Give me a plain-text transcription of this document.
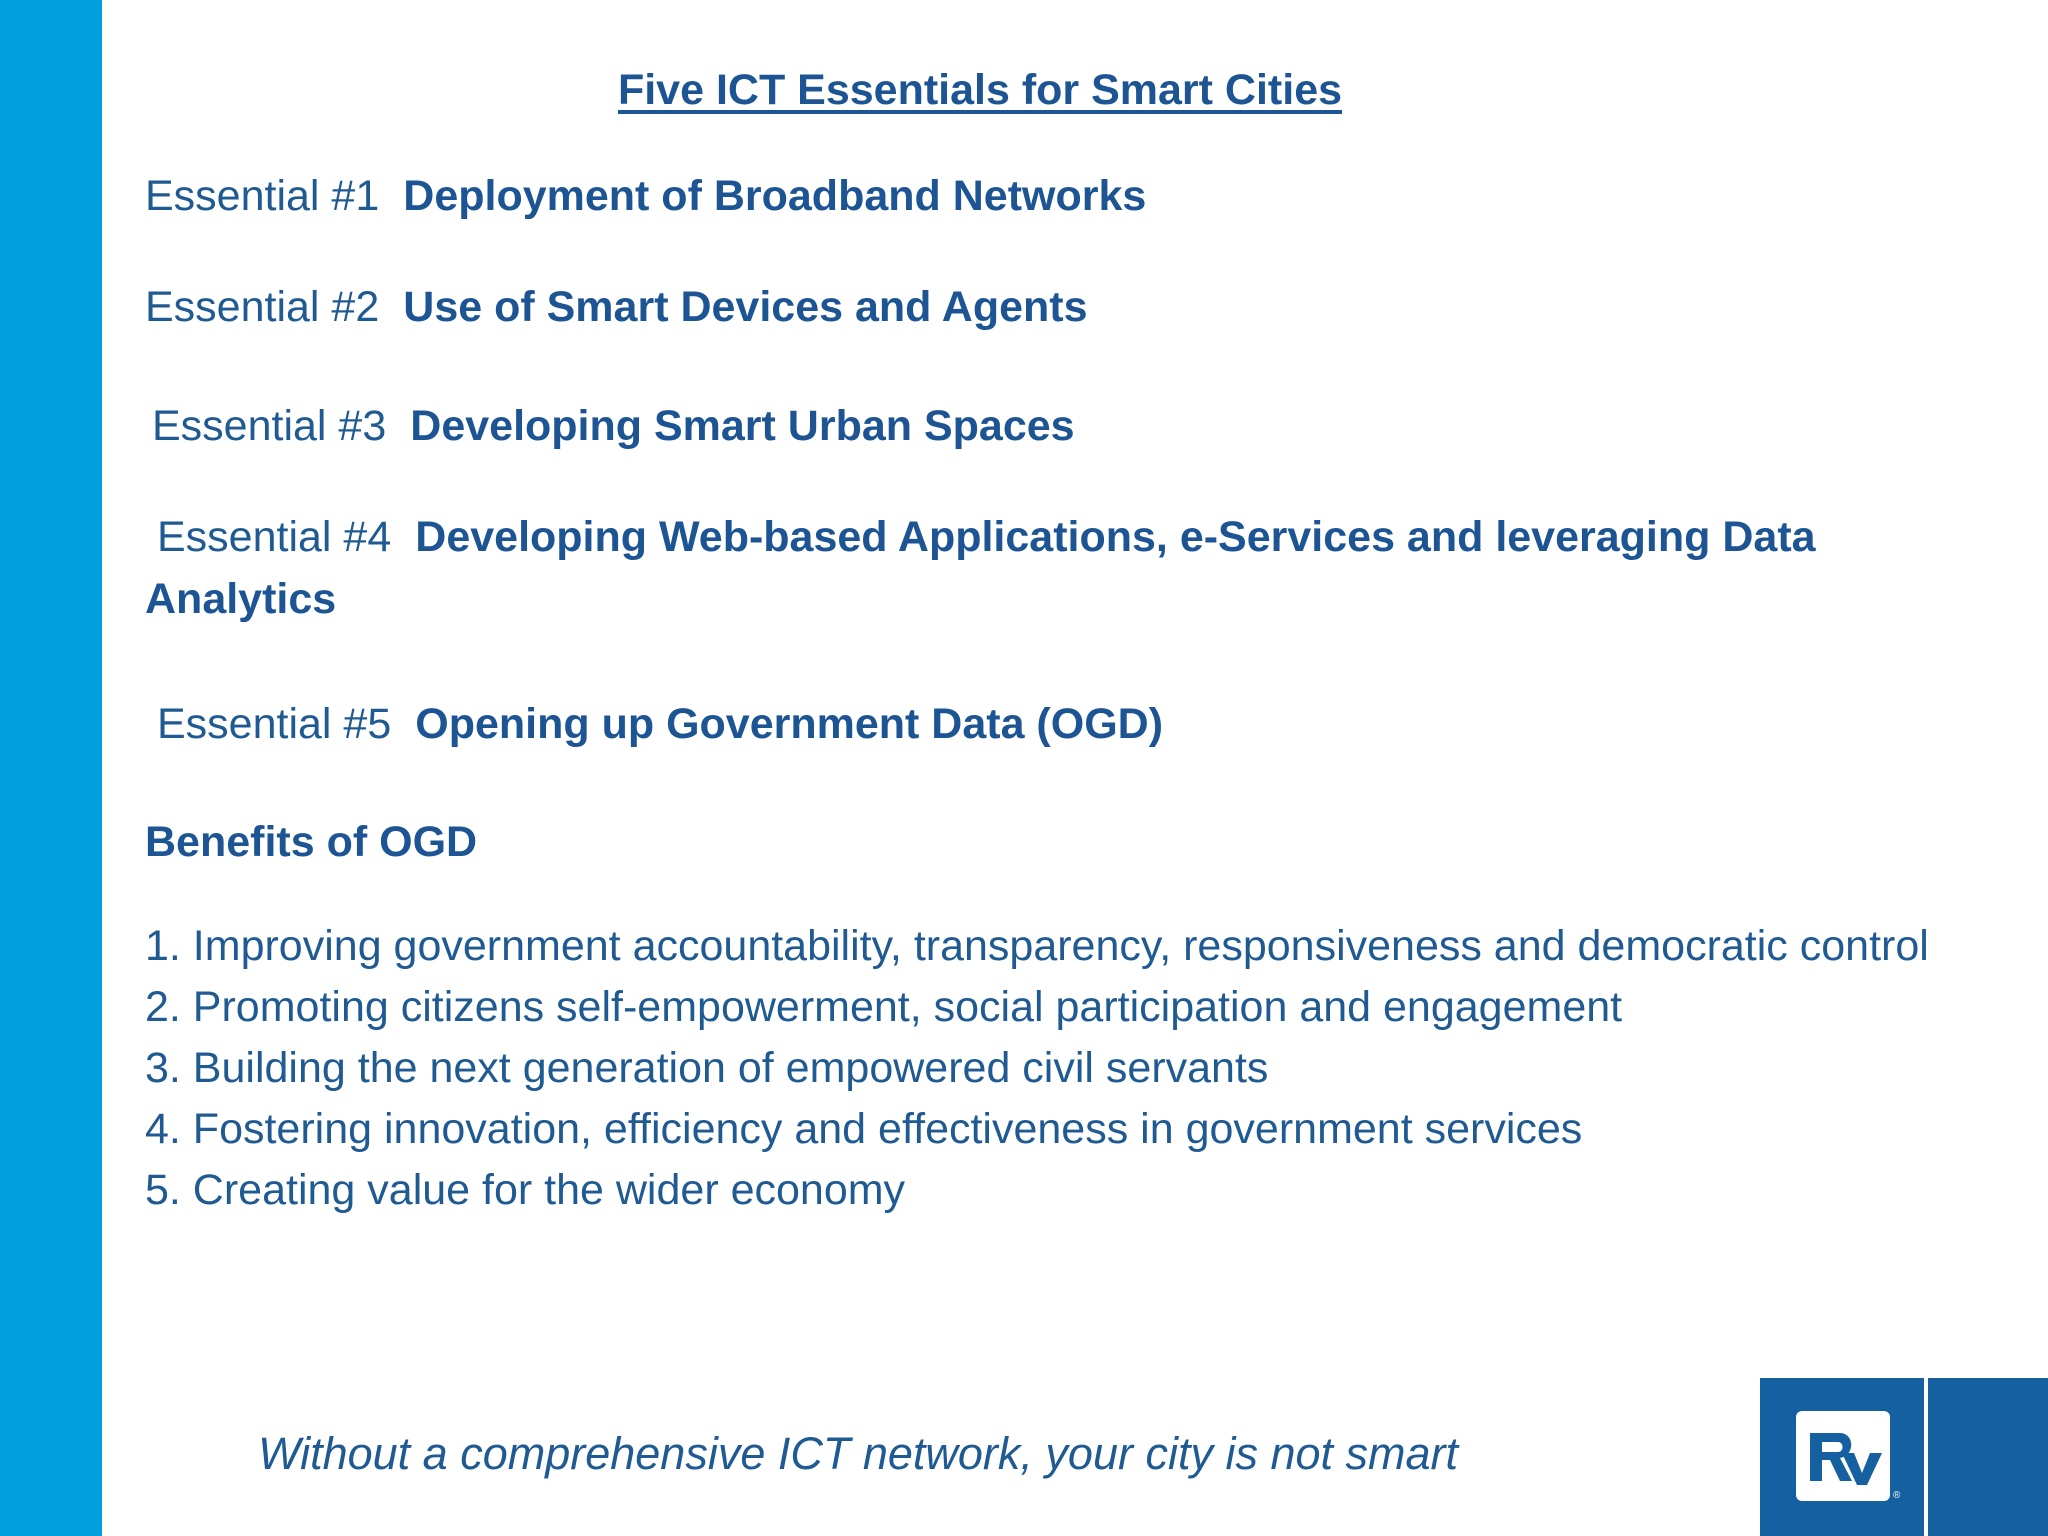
Five ICT Essentials for Smart Cities
Essential #1 Deployment of Broadband Networks
Essential #2 Use of Smart Devices and Agents
Essential #3 Developing Smart Urban Spaces
Essential #4 Developing Web-based Applications, e-Services and leveraging Data Analytics
Essential #5 Opening up Government Data (OGD)
Benefits of OGD
1. Improving government accountability, transparency, responsiveness and democratic control
2. Promoting citizens self-empowerment, social participation and engagement
3. Building the next generation of empowered civil servants
4. Fostering innovation, efficiency and effectiveness in government services
5. Creating value for the wider economy
Without a comprehensive ICT network, your city is not smart
®
